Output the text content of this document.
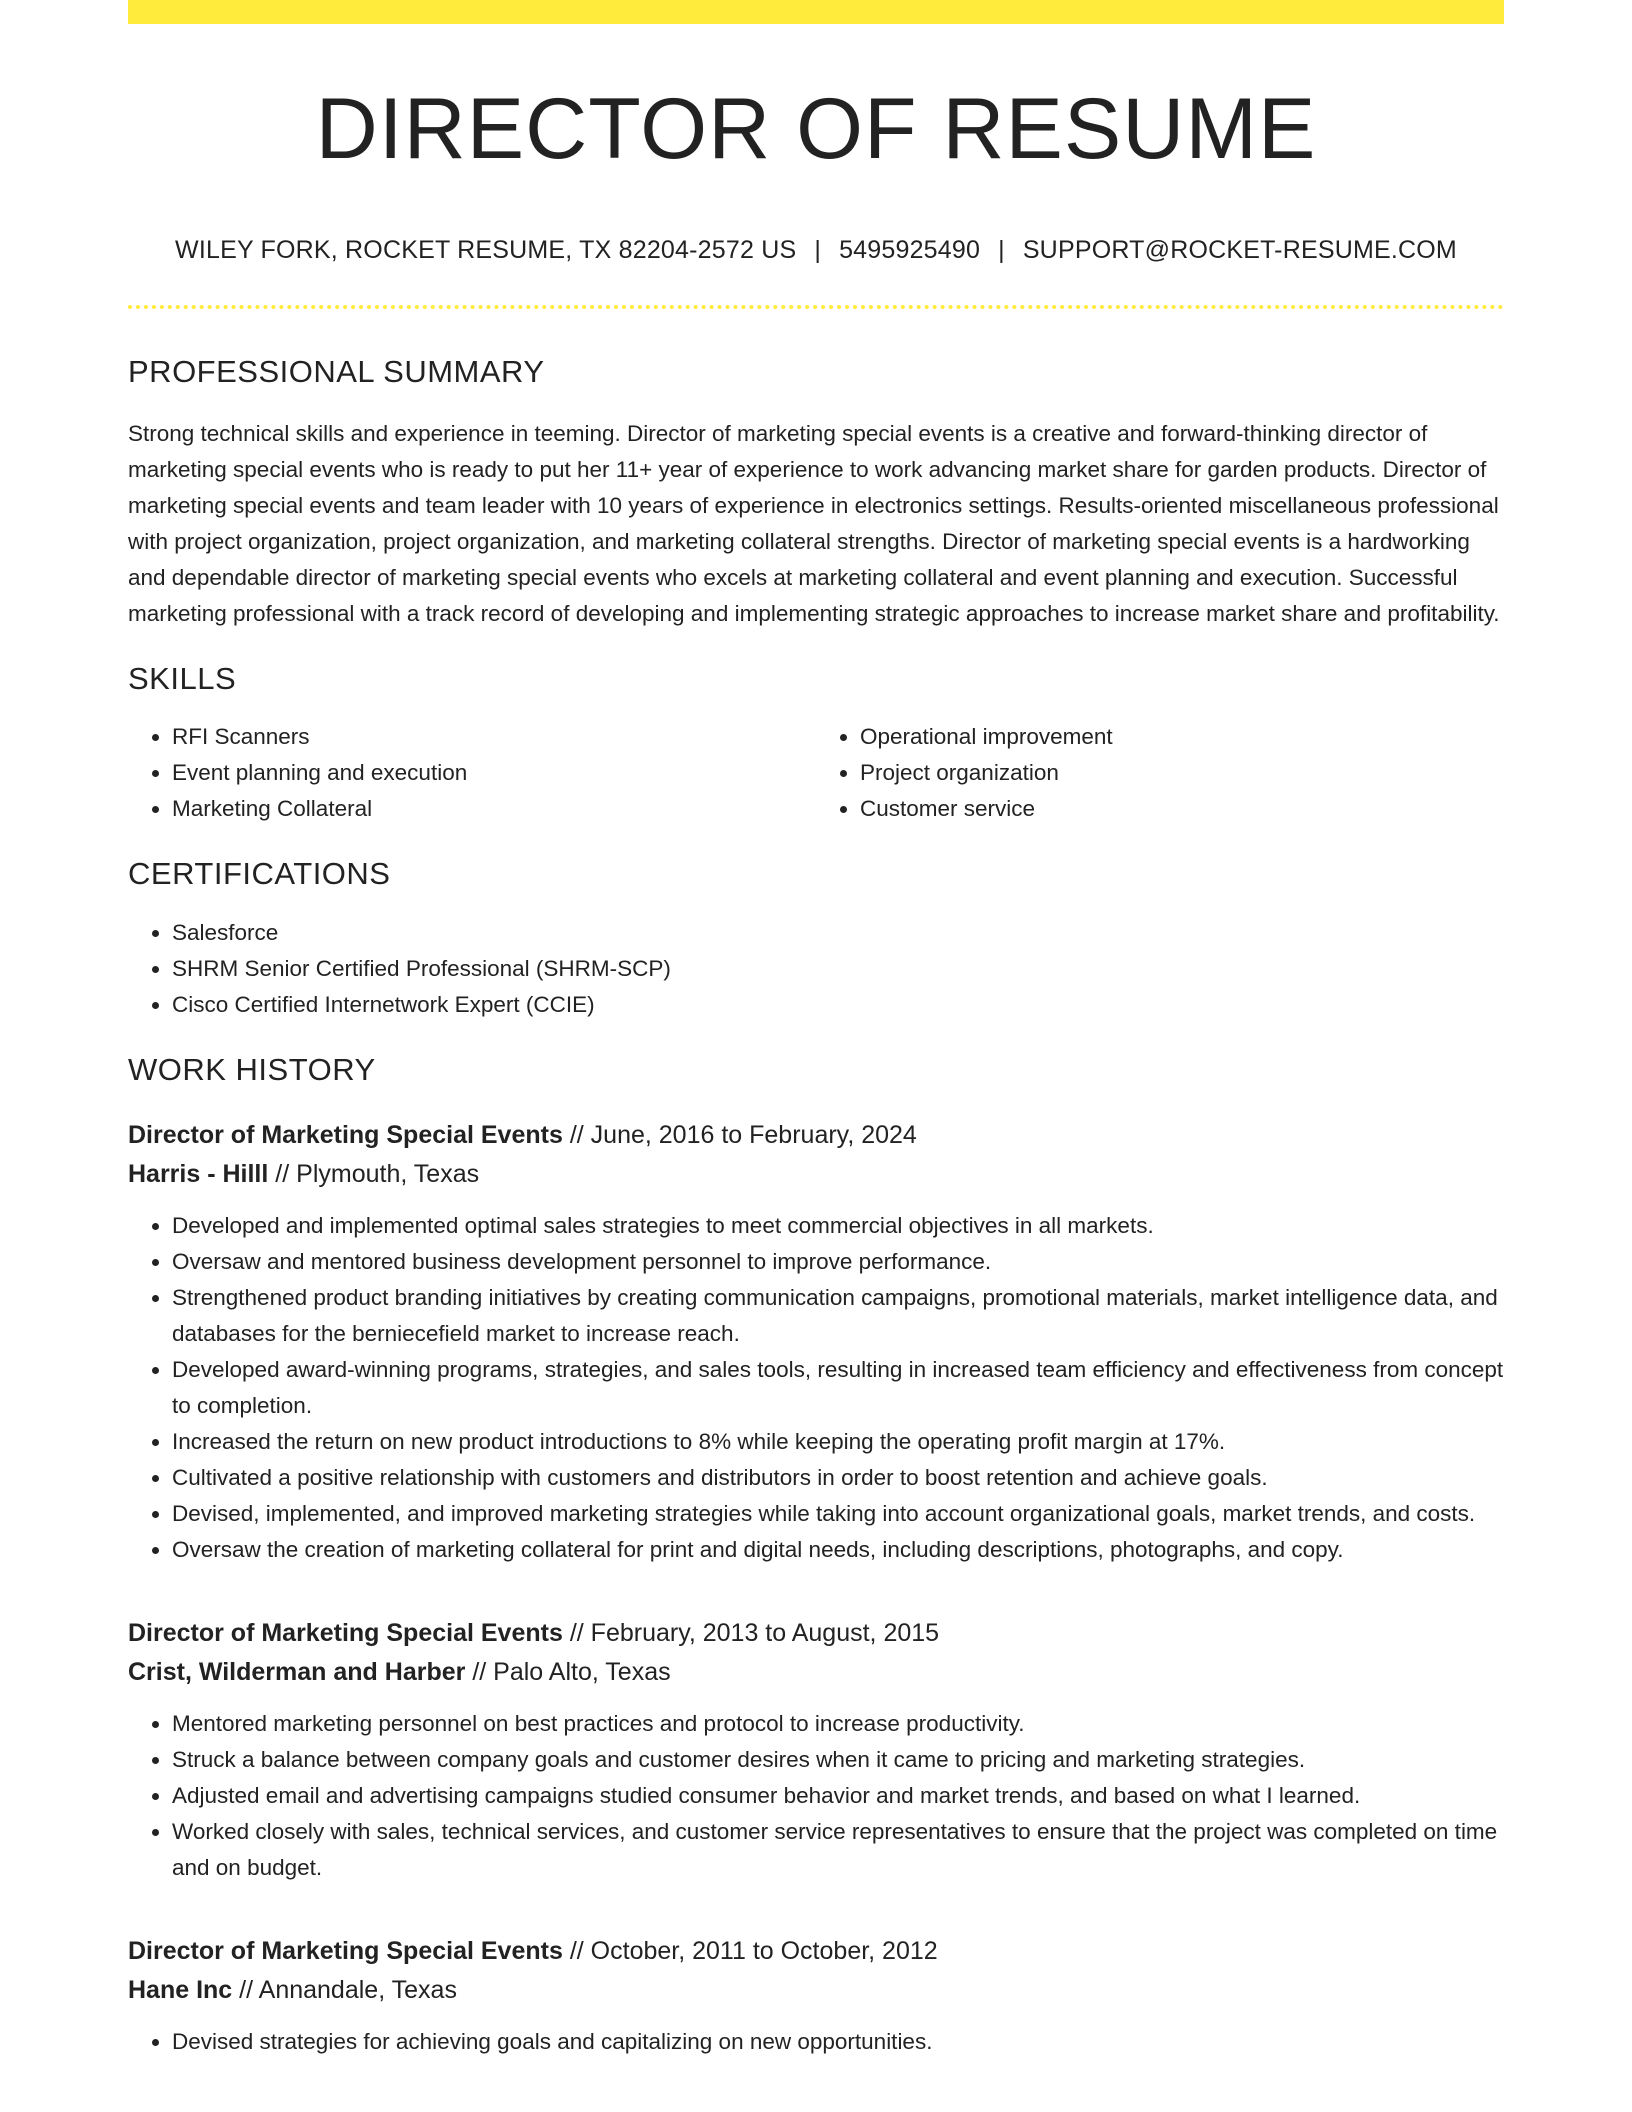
DIRECTOR OF RESUME
WILEY FORK, ROCKET RESUME, TX 82204-2572 US | 5495925490 | SUPPORT@ROCKET-RESUME.COM
PROFESSIONAL SUMMARY

Strong technical skills and experience in teeming. Director of marketing special events is a creative and forward-thinking director of marketing special events who is ready to put her 11+ year of experience to work advancing market share for garden products. Director of marketing special events and team leader with 10 years of experience in electronics settings. Results-oriented miscellaneous professional with project organization, project organization, and marketing collateral strengths. Director of marketing special events is a hardworking and dependable director of marketing special events who excels at marketing collateral and event planning and execution. Successful marketing professional with a track record of developing and implementing strategic approaches to increase market share and profitability.

SKILLS
• RFI Scanners
• Event planning and execution
• Marketing Collateral
• Operational improvement
• Project organization
• Customer service
CERTIFICATIONS
• Salesforce
• SHRM Senior Certified Professional (SHRM-SCP)
• Cisco Certified Internetwork Expert (CCIE)
WORK HISTORY
Director of Marketing Special Events // June, 2016 to February, 2024
Harris - Hilll // Plymouth, Texas
• Developed and implemented optimal sales strategies to meet commercial objectives in all markets.
• Oversaw and mentored business development personnel to improve performance.
• Strengthened product branding initiatives by creating communication campaigns, promotional materials, market intelligence data, and databases for the berniecefield market to increase reach.
• Developed award-winning programs, strategies, and sales tools, resulting in increased team efficiency and effectiveness from concept to completion.
• Increased the return on new product introductions to 8% while keeping the operating profit margin at 17%.
• Cultivated a positive relationship with customers and distributors in order to boost retention and achieve goals.
• Devised, implemented, and improved marketing strategies while taking into account organizational goals, market trends, and costs.
• Oversaw the creation of marketing collateral for print and digital needs, including descriptions, photographs, and copy.
Director of Marketing Special Events // February, 2013 to August, 2015
Crist, Wilderman and Harber // Palo Alto, Texas
• Mentored marketing personnel on best practices and protocol to increase productivity.
• Struck a balance between company goals and customer desires when it came to pricing and marketing strategies.
• Adjusted email and advertising campaigns studied consumer behavior and market trends, and based on what I learned.
• Worked closely with sales, technical services, and customer service representatives to ensure that the project was completed on time and on budget.
Director of Marketing Special Events // October, 2011 to October, 2012
Hane Inc // Annandale, Texas
• Devised strategies for achieving goals and capitalizing on new opportunities.
